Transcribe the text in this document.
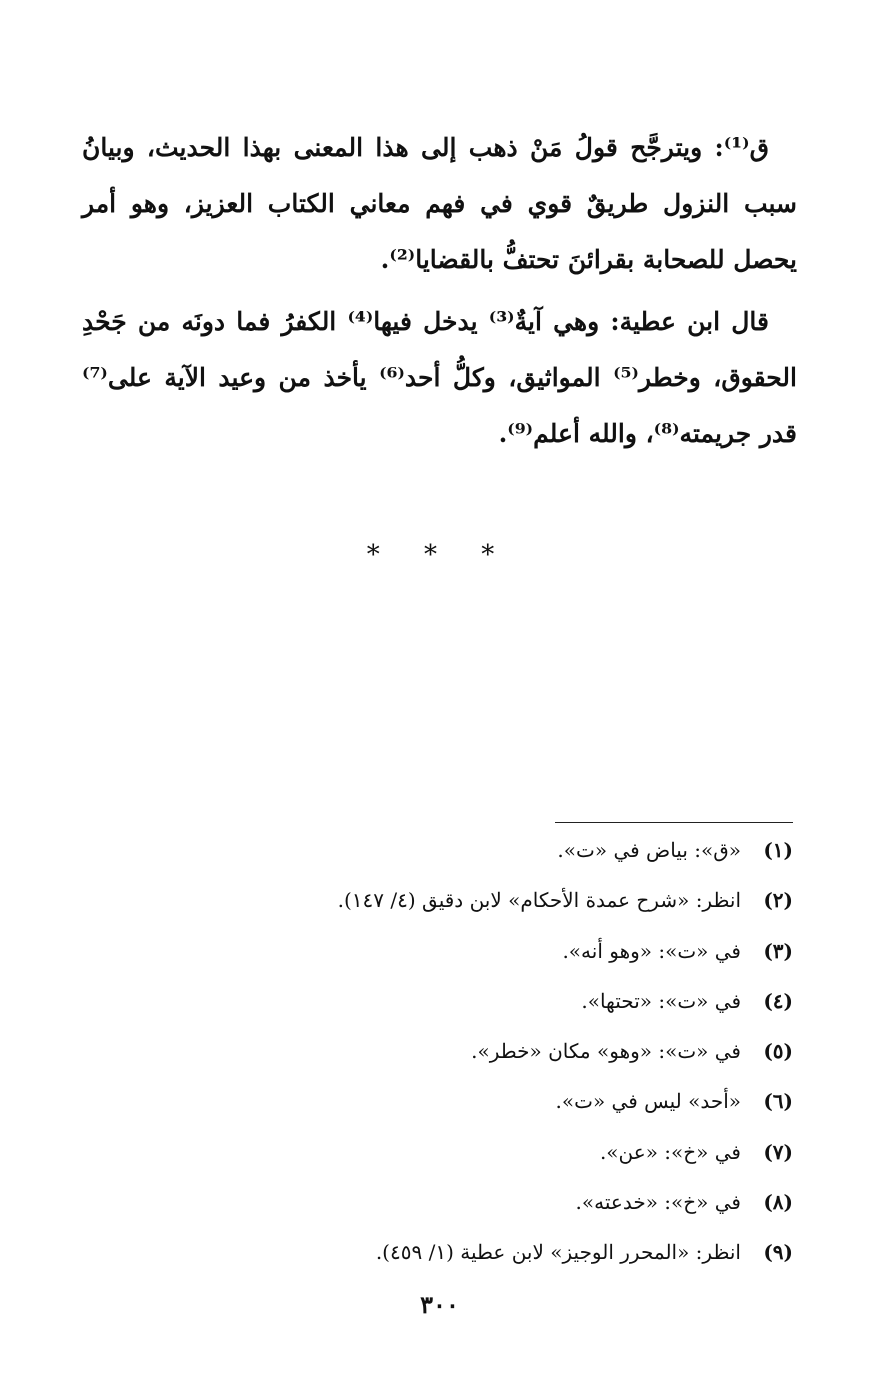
ق⁽¹⁾: ويترجَّح قولُ مَنْ ذهب إلى هذا المعنى بهذا الحديث، وبيانُ سبب النزول طريقٌ قوي في فهم معاني الكتاب العزيز، وهو أمر يحصل للصحابة بقرائنَ تحتفُّ بالقضايا⁽²⁾.

قال ابن عطية: وهي آيةٌ⁽³⁾ يدخل فيها⁽⁴⁾ الكفرُ فما دونَه من جَحْدِ الحقوق، وخطر⁽⁵⁾ المواثيق، وكلُّ أحد⁽⁶⁾ يأخذ من وعيد الآية على⁽⁷⁾ قدر جريمته⁽⁸⁾، والله أعلم⁽⁹⁾.

* * *
(١)«ق»: بياض في «ت».
(٢)انظر: «شرح عمدة الأحكام» لابن دقيق (٤/ ١٤٧).
(٣)في «ت»: «وهو أنه».
(٤)في «ت»: «تحتها».
(٥)في «ت»: «وهو» مكان «خطر».
(٦)«أحد» ليس في «ت».
(٧)في «خ»: «عن».
(٨)في «خ»: «خدعته».
(٩)انظر: «المحرر الوجيز» لابن عطية (١/ ٤٥٩).
٣٠٠
